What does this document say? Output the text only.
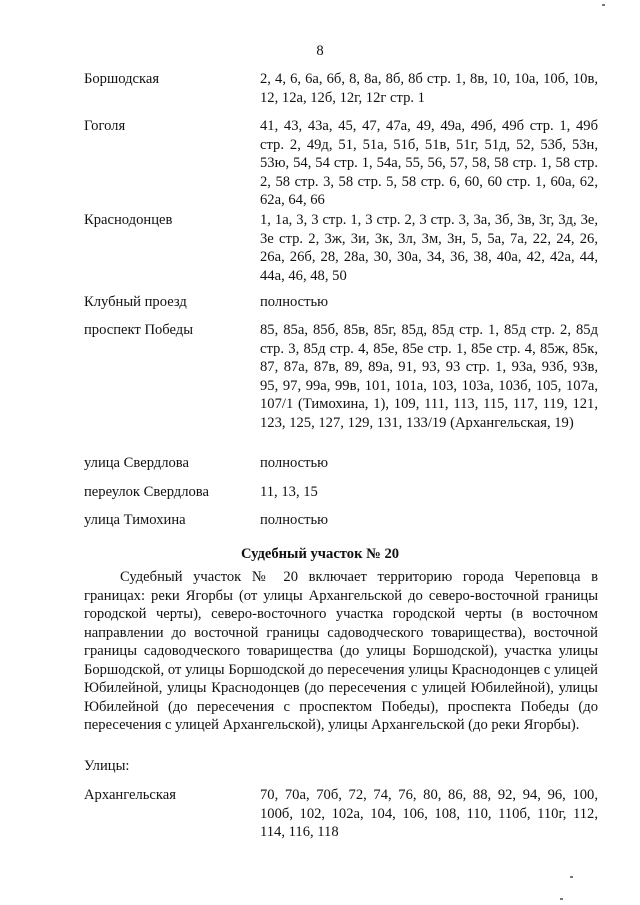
8
Боршодская	2, 4, 6, 6а, 6б, 8, 8а, 8б, 8б стр. 1, 8в, 10, 10а, 10б, 10в, 12, 12а, 12б, 12г, 12г стр. 1
Гоголя	41, 43, 43а, 45, 47, 47а, 49, 49а, 49б, 49б стр. 1, 49б стр. 2, 49д, 51, 51а, 51б, 51в, 51г, 51д, 52, 53б, 53н, 53ю, 54, 54 стр. 1, 54а, 55, 56, 57, 58, 58 стр. 1, 58 стр. 2, 58 стр. 3, 58 стр. 5, 58 стр. 6, 60, 60 стр. 1, 60а, 62, 62а, 64, 66
Краснодонцев	1, 1а, 3, 3 стр. 1, 3 стр. 2, 3 стр. 3, 3а, 3б, 3в, 3г, 3д, 3е, 3е стр. 2, 3ж, 3и, 3к, 3л, 3м, 3н, 5, 5а, 7а, 22, 24, 26, 26а, 26б, 28, 28а, 30, 30а, 34, 36, 38, 40а, 42, 42а, 44, 44а, 46, 48, 50
Клубный проезд	полностью
проспект Победы	85, 85а, 85б, 85в, 85г, 85д, 85д стр. 1, 85д стр. 2, 85д стр. 3, 85д стр. 4, 85е, 85е стр. 1, 85е стр. 4, 85ж, 85к, 87, 87а, 87в, 89, 89а, 91, 93, 93 стр. 1, 93а, 93б, 93в, 95, 97, 99а, 99в, 101, 101а, 103, 103а, 103б, 105, 107а, 107/1 (Тимохина, 1), 109, 111, 113, 115, 117, 119, 121, 123, 125, 127, 129, 131, 133/19 (Архангельская, 19)
улица Свердлова	полностью
переулок Свердлова	11, 13, 15
улица Тимохина	полностью
Судебный участок № 20
Судебный участок № 20 включает территорию города Череповца в границах: реки Ягорбы (от улицы Архангельской до северо-восточной границы городской черты), северо-восточного участка городской черты (в восточном направлении до восточной границы садоводческого товарищества), восточной границы садоводческого товарищества (до улицы Боршодской), участка улицы Боршодской, от улицы Боршодской до пересечения улицы Краснодонцев с улицей Юбилейной, улицы Краснодонцев (до пересечения с улицей Юбилейной), улицы Юбилейной (до пересечения с проспектом Победы), проспекта Победы (до пересечения с улицей Архангельской), улицы Архангельской (до реки Ягорбы).
Улицы:
Архангельская	70, 70а, 70б, 72, 74, 76, 80, 86, 88, 92, 94, 96, 100, 100б, 102, 102а, 104, 106, 108, 110, 110б, 110г, 112, 114, 116, 118
